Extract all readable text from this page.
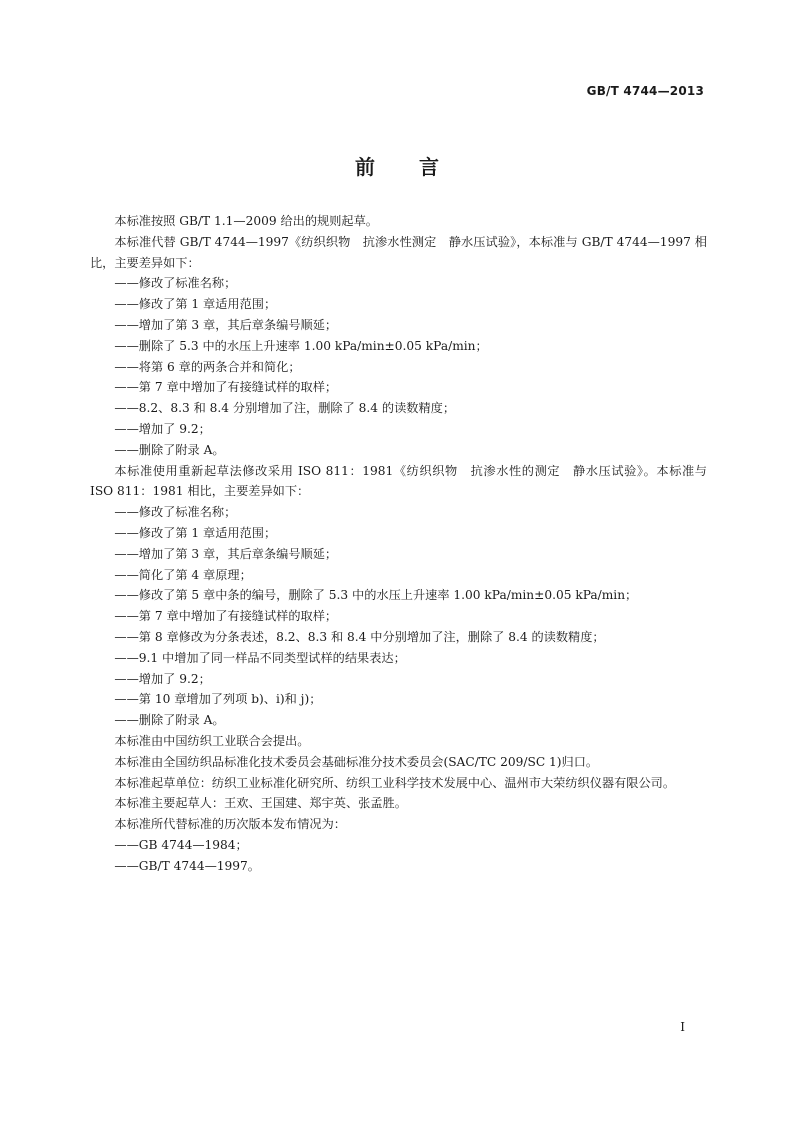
GB/T 4744—2013
前言

本标准按照 GB/T 1.1—2009 给出的规则起草。

本标准代替 GB/T 4744—1997《纺织织物　抗渗水性测定　静水压试验》，本标准与 GB/T 4744—1997 相比，主要差异如下：

——修改了标准名称；

——修改了第 1 章适用范围；

——增加了第 3 章，其后章条编号顺延；

——删除了 5.3 中的水压上升速率 1.00 kPa/min±0.05 kPa/min；

——将第 6 章的两条合并和简化；

——第 7 章中增加了有接缝试样的取样；

——8.2、8.3 和 8.4 分别增加了注，删除了 8.4 的读数精度；

——增加了 9.2；

——删除了附录 A。

本标准使用重新起草法修改采用 ISO 811：1981《纺织织物　抗渗水性的测定　静水压试验》。本标准与 ISO 811：1981 相比，主要差异如下：

——修改了标准名称；

——修改了第 1 章适用范围；

——增加了第 3 章，其后章条编号顺延；

——简化了第 4 章原理；

——修改了第 5 章中条的编号，删除了 5.3 中的水压上升速率 1.00 kPa/min±0.05 kPa/min；

——第 7 章中增加了有接缝试样的取样；

——第 8 章修改为分条表述，8.2、8.3 和 8.4 中分别增加了注，删除了 8.4 的读数精度；

——9.1 中增加了同一样品不同类型试样的结果表达；

——增加了 9.2；

——第 10 章增加了列项 b)、i)和 j)；

——删除了附录 A。

本标准由中国纺织工业联合会提出。

本标准由全国纺织品标准化技术委员会基础标准分技术委员会(SAC/TC 209/SC 1)归口。

本标准起草单位：纺织工业标准化研究所、纺织工业科学技术发展中心、温州市大荣纺织仪器有限公司。

本标准主要起草人：王欢、王国建、郑宇英、张孟胜。

本标准所代替标准的历次版本发布情况为：

——GB 4744—1984；

——GB/T 4744—1997。

I
